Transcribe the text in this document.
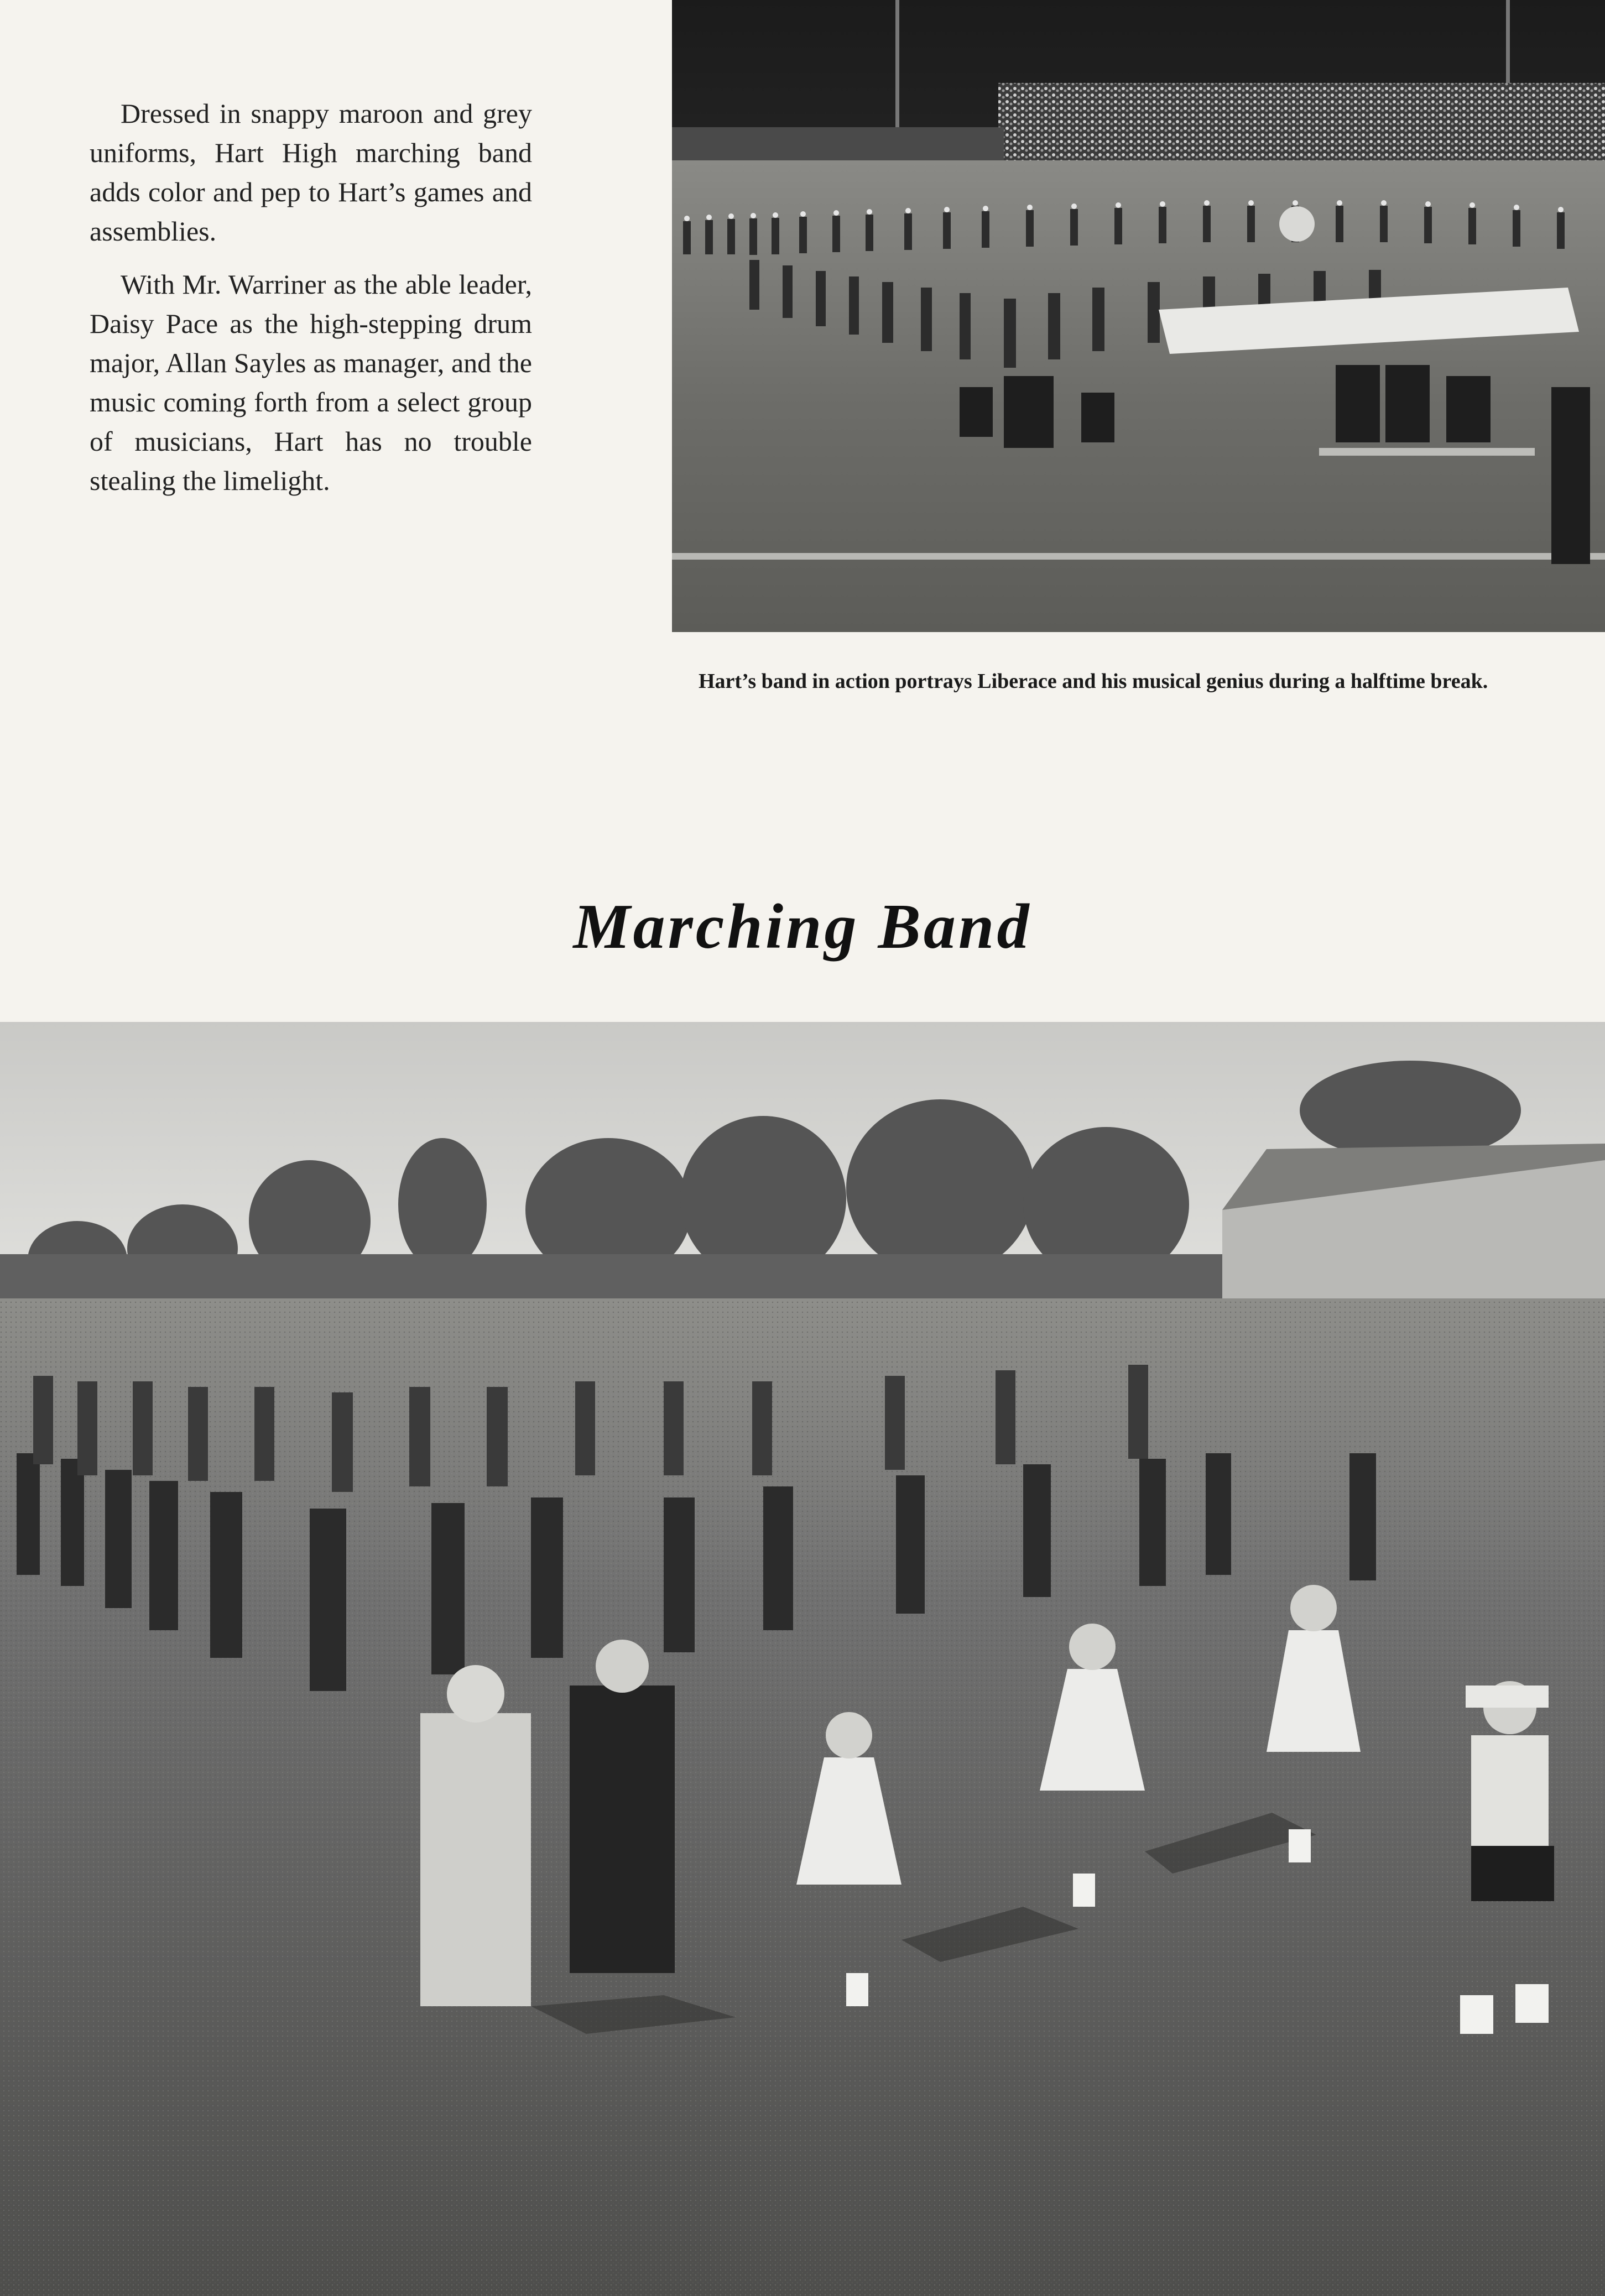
Dressed in snappy maroon and grey uniforms, Hart High marching band adds color and pep to Hart’s games and assemblies.

With Mr. Warriner as the able leader, Daisy Pace as the high-stepping drum major, Allan Sayles as manager, and the music coming forth from a select group of musicians, Hart has no trouble stealing the limelight.

Hart’s band in action portrays Liberace and his musical genius during a halftime break.
Marching Band
